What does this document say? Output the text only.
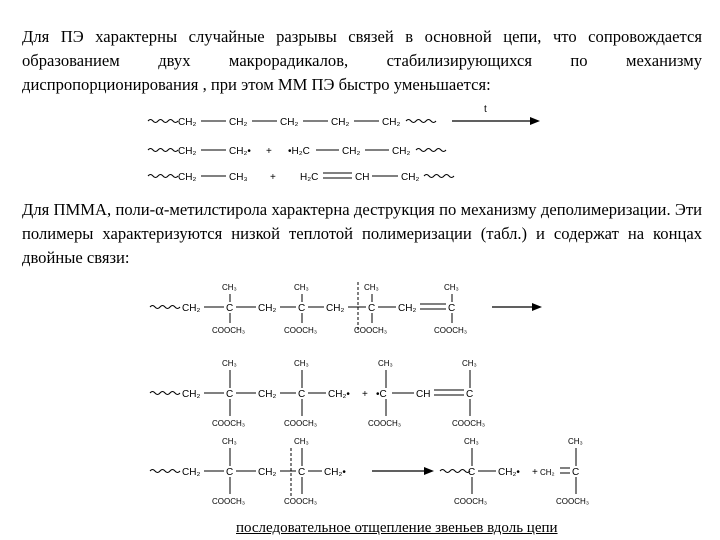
Для ПЭ характерны случайные разрывы связей в основной цепи, что сопровождается образованием двух макрорадикалов, стабилизирующихся по механизму диспропорционирования , при этом ММ ПЭ быстро уменьшается:
Для ПММА, поли-α-метилстирола характерна деструкция по механизму деполимеризации. Эти полимеры характеризуются низкой теплотой полимеризации (табл.) и содержат на концах двойные связи:
последовательное отщепление звеньев вдоль цепи
CH₂	CH₂	CH₂	CH₂	CH₂
t
CH₂	CH₂• + •H₂C	CH₂	CH₂
CH₂	CH₃ + H₂C	CH	CH₂
CH₂	C
CH₃
COOCH₃
CH₂ C
CH₃
COOCH₃
CH₂ C
CH₃
COOCH₃
CH₂	C
CH₃
COOCH₃
CH₂	C
CH₃
COOCH₃
CH₂ C
CH₃
COOCH₃
CH₂• + •C
CH₃
COOCH₃
CH	C
CH₃
COOCH₃
CH₂	C
CH₃
COOCH₃
CH₂ C
CH₃
COOCH₃
CH₂•	C
CH₃
COOCH₃
CH₂• + CH₂ C
CH₃
COOCH₃
